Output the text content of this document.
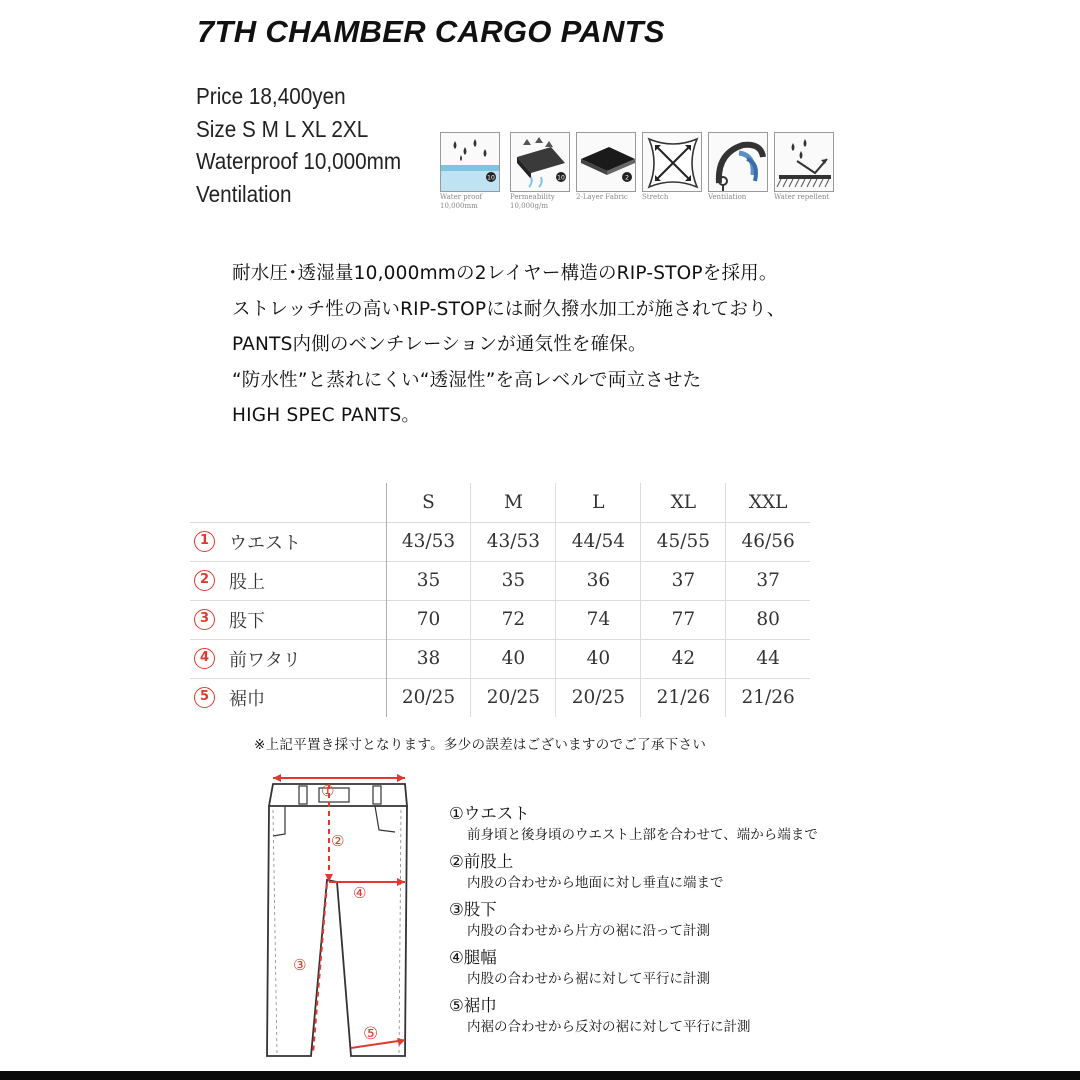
7TH CHAMBER CARGO PANTS
Price 18,400yen
Size S M L XL 2XL
Waterproof 10,000mm
Ventilation
10
Water proof
10,000mm
10
Permeability
10,000g/m
2
2-Layer Fabric	Stretch	Ventilation	Water repellent
耐水圧･透湿量10,000mmの2レイヤー構造のRIP-STOPを採用。
ストレッチ性の高いRIP-STOPには耐久撥水加工が施されており、
PANTS内側のベンチレーションが通気性を確保。
“防水性”と蒸れにくい“透湿性”を高レベルで両立させた
HIGH SPEC PANTS。
	S	M	L	XL	XXL
1 ウエスト	43/53	43/53	44/54	45/55	46/56
2 股上	35	35	36	37	37
3 股下	70	72	74	77	80
4 前ワタリ	38	40	40	42	44
5 裾巾	20/25	20/25	20/25	21/26	21/26
※上記平置き採寸となります。多少の誤差はございますのでご了承下さい
①
②
③
④
⑤
①ウエスト
前身頃と後身頃のウエスト上部を合わせて、端から端まで
②前股上
内股の合わせから地面に対し垂直に端まで
③股下
内股の合わせから片方の裾に沿って計測
④腿幅
内股の合わせから裾に対して平行に計測
⑤裾巾
内裾の合わせから反対の裾に対して平行に計測
